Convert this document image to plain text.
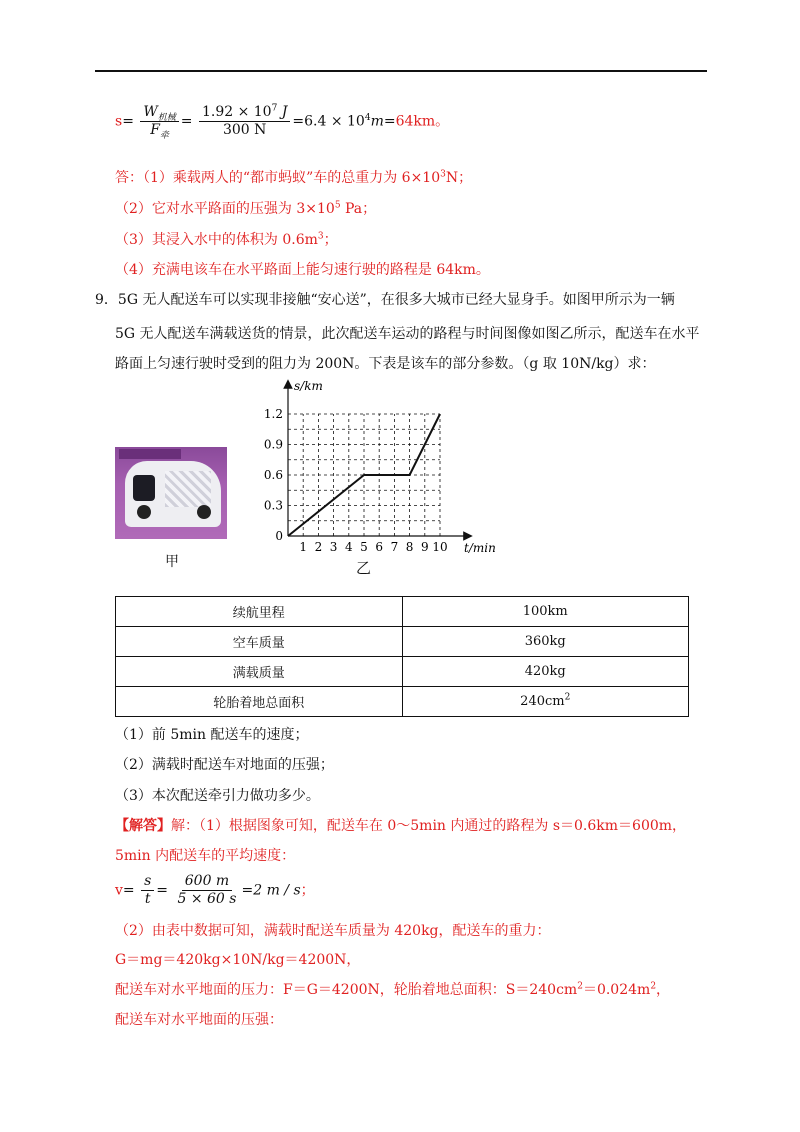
$s= \frac{W_{机械}}{F_牵} = \frac{1.92 \times 10^7 J}{300 N} =6.4 \times 10^4m=64km$。
答：（1）乘载两人的“都市蚂蚁”车的总重力为 $6\times 10^3N$；
（2）它对水平路面的压强为 $3\times 10^5$ Pa；
（3）其浸入水中的体积为 $0.6m^3$；
（4）充满电该车在水平路面上能匀速行驶的路程是 64km。
9．5G 无人配送车可以实现非接触“安心送”，在很多大城市已经大显身手。如图甲所示为一辆
5G 无人配送车满载送货的情景，此次配送车运动的路程与时间图像如图乙所示，配送车在水平
路面上匀速行驶时受到的阻力为 200N。下表是该车的部分参数。（g 取 10N/kg）求：
甲
1 2 3 4 5 6 7 8 9 10
0
0.3
0.6
0.9
1.2
t/min
s/km
乙
续航里程	100km
空车质量	360kg
满载质量	420kg
轮胎着地总面积	$240cm^2$
（1）前 5min 配送车的速度；
（2）满载时配送车对地面的压强；
（3）本次配送牵引力做功多少。
【解答】解：（1）根据图象可知，配送车在 0～5min 内通过的路程为 s＝0.6km＝600m，
5min 内配送车的平均速度：
$v= \frac{s}{t} = \frac{600 m}{5 \times 60 s} =2$ m / s；
（2）由表中数据可知，满载时配送车质量为 420kg，配送车的重力：
G＝mg＝420kg×10N/kg＝4200N，
配送车对水平地面的压力：F＝G＝4200N，轮胎着地总面积：$S=240cm^2=0.024m^2$，
配送车对水平地面的压强：
